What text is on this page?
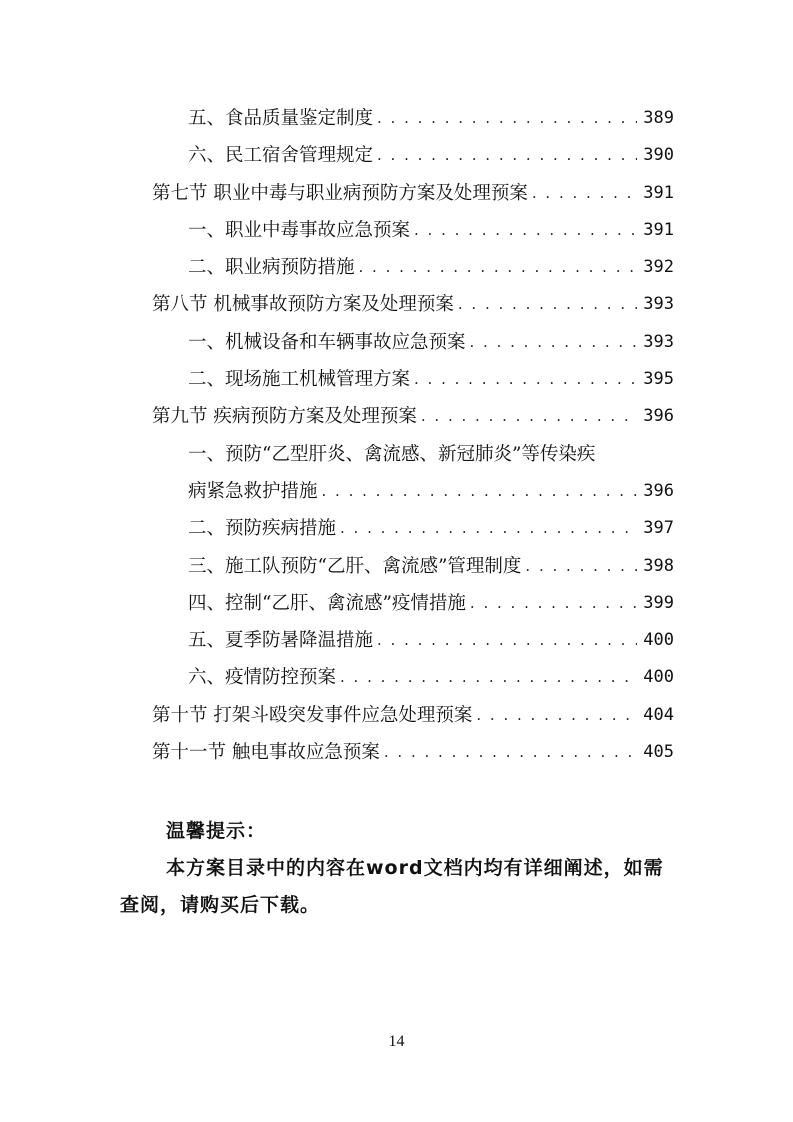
五、食品质量鉴定制度 . . .	389
六、民工宿舍管理规定 . . .	390
第七节 职业中毒与职业病预防方案及处理预案 . . .	391
一、职业中毒事故应急预案 . . .	391
二、职业病预防措施 . . .	392
第八节 机械事故预防方案及处理预案 . . .	393
一、机械设备和车辆事故应急预案 . . .	393
二、现场施工机械管理方案 . . .	395
第九节 疾病预防方案及处理预案 . . .	396
一、预防“乙型肝炎、禽流感、新冠肺炎”等传染疾
病紧急救护措施 . . .	396
二、预防疾病措施 . . .	397
三、施工队预防“乙肝、禽流感”管理制度 . . .	398
四、控制“乙肝、禽流感”疫情措施 . . .	399
五、夏季防暑降温措施 . . .	400
六、疫情防控预案 . . .	400
第十节 打架斗殴突发事件应急处理预案 . . .	404
第十一节 触电事故应急预案 . . .	405
温馨提示：
本方案目录中的内容在word文档内均有详细阐述，如需查阅，请购买后下载。
14
